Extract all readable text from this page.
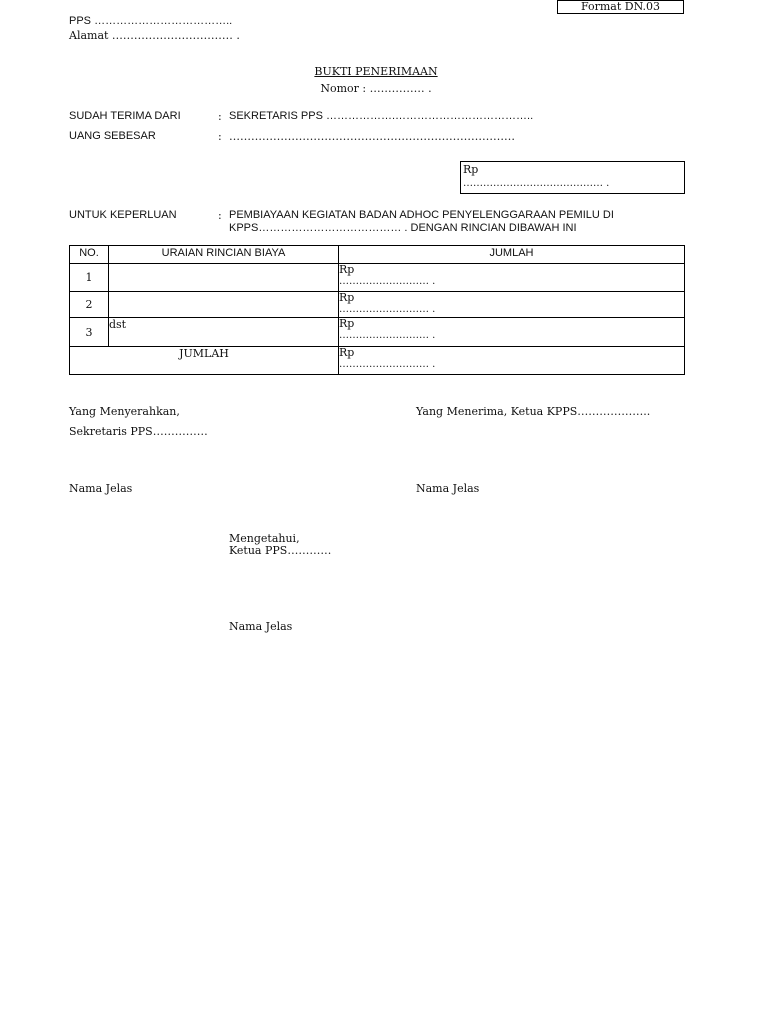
Format DN.03
PPS ………………………………..
Alamat …………………………… .
BUKTI PENERIMAAN
Nomor : …………… .
SUDAH TERIMA DARI	: SEKRETARIS PPS ……………….………………………………..
UANG SEBESAR	: ……………………………………………………………………
Rp
…………………………………… .
UNTUK KEPERLUAN	: PEMBIAYAAN KEGIATAN BADAN ADHOC PENYELENGGARAAN PEMILU DI
KPPS………………………………… . DENGAN RINCIAN DIBAWAH INI
NO.	URAIAN RINCIAN BIAYA	JUMLAH
1		Rp
……………………… .

2		Rp
……………………… .

3	dst	Rp
……………………… .

JUMLAH		Rp
……………………… .
Yang Menyerahkan,
Sekretaris PPS……………
Yang Menerima, Ketua KPPS………………..
Nama Jelas	Nama Jelas
Mengetahui,
Ketua PPS…………
Nama Jelas
